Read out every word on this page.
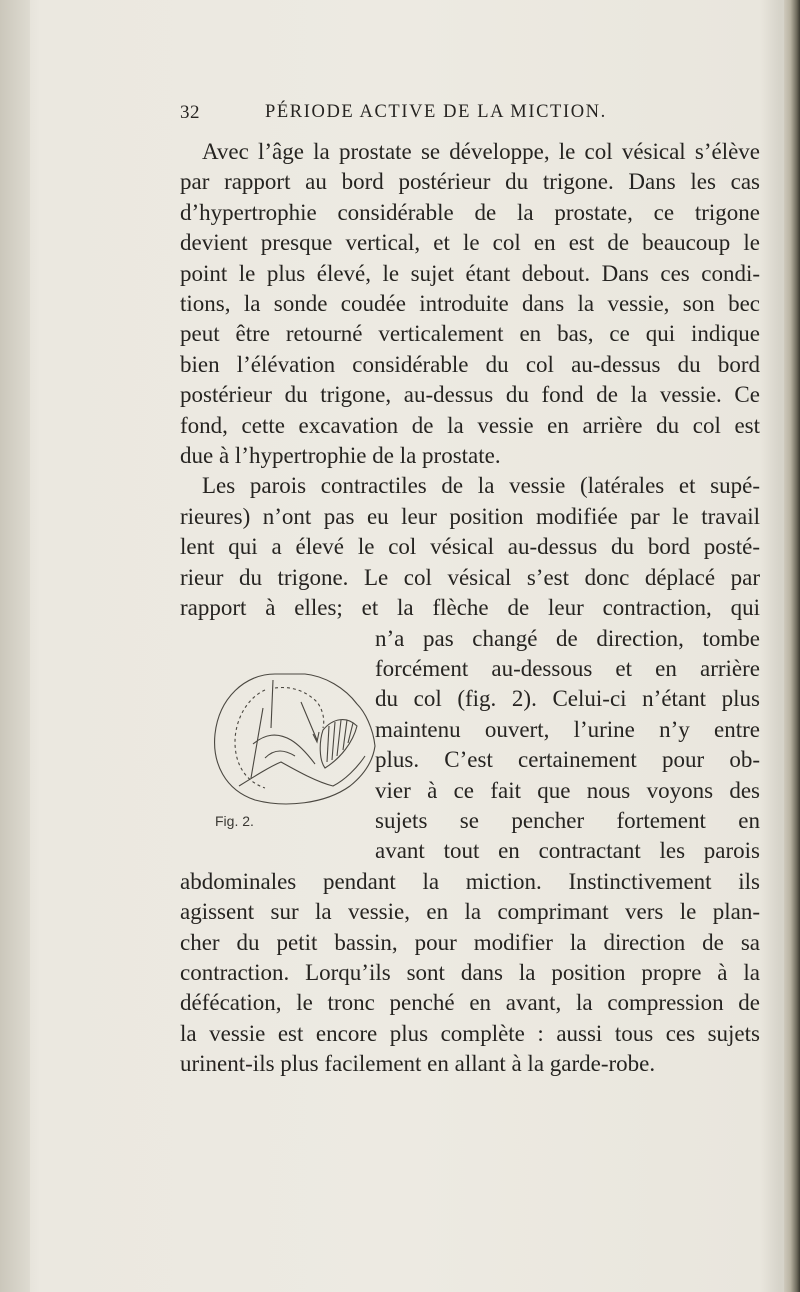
32	PÉRIODE ACTIVE DE LA MICTION.
Avec l’âge la prostate se développe, le col vésical s’élève
par rapport au bord postérieur du trigone. Dans les cas
d’hypertrophie considérable de la prostate, ce trigone
devient presque vertical, et le col en est de beaucoup le
point le plus élevé, le sujet étant debout. Dans ces condi-
tions, la sonde coudée introduite dans la vessie, son bec
peut être retourné verticalement en bas, ce qui indique
bien l’élévation considérable du col au-dessus du bord
postérieur du trigone, au-dessus du fond de la vessie. Ce
fond, cette excavation de la vessie en arrière du col est
due à l’hypertrophie de la prostate.
Les parois contractiles de la vessie (latérales et supé-
rieures) n’ont pas eu leur position modifiée par le travail
lent qui a élevé le col vésical au-dessus du bord posté-
rieur du trigone. Le col vésical s’est donc déplacé par
rapport à elles; et la flèche de leur contraction, qui
n’a pas changé de direction, tombe
forcément au-dessous et en arrière
du col (fig. 2). Celui-ci n’étant plus
maintenu ouvert, l’urine n’y entre
plus. C’est certainement pour ob-
vier à ce fait que nous voyons des
sujets se pencher fortement en
avant tout en contractant les parois
abdominales pendant la miction. Instinctivement ils
agissent sur la vessie, en la comprimant vers le plan-
cher du petit bassin, pour modifier la direction de sa
contraction. Lorqu’ils sont dans la position propre à la
défécation, le tronc penché en avant, la compression de
la vessie est encore plus complète : aussi tous ces sujets
urinent-ils plus facilement en allant à la garde-robe.
Fig. 2.
